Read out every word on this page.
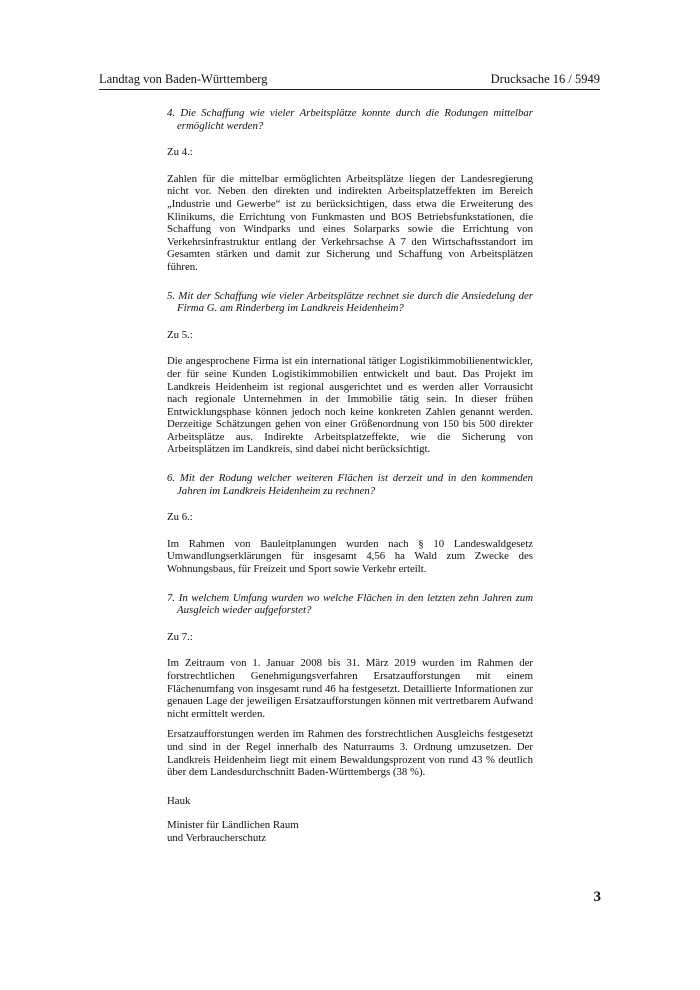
Landtag von Baden-Württemberg	Drucksache 16 / 5949

4. Die Schaffung wie vieler Arbeitsplätze konnte durch die Rodungen mittelbar ermöglicht werden?

Zu 4.:

Zahlen für die mittelbar ermöglichten Arbeitsplätze liegen der Landesregierung nicht vor. Neben den direkten und indirekten Arbeitsplatzeffekten im Bereich „Industrie und Gewerbe“ ist zu berücksichtigen, dass etwa die Erweiterung des Klinikums, die Errichtung von Funkmasten und BOS Betriebsfunkstationen, die Schaffung von Windparks und eines Solarparks sowie die Errichtung von Verkehrsinfrastruktur entlang der Verkehrsachse A 7 den Wirtschaftsstandort im Gesamten stärken und damit zur Sicherung und Schaffung von Arbeitsplätzen führen.

5. Mit der Schaffung wie vieler Arbeitsplätze rechnet sie durch die Ansiedelung der Firma G. am Rinderberg im Landkreis Heidenheim?

Zu 5.:

Die angesprochene Firma ist ein international tätiger Logistikimmobilienentwickler, der für seine Kunden Logistikimmobilien entwickelt und baut. Das Projekt im Landkreis Heidenheim ist regional ausgerichtet und es werden aller Vorrausicht nach regionale Unternehmen in der Immobilie tätig sein. In dieser frühen Entwicklungsphase können jedoch noch keine konkreten Zahlen genannt werden. Derzeitige Schätzungen gehen von einer Größenordnung von 150 bis 500 direkter Arbeitsplätze aus. Indirekte Arbeitsplatzeffekte, wie die Sicherung von Arbeitsplätzen im Landkreis, sind dabei nicht berücksichtigt.

6. Mit der Rodung welcher weiteren Flächen ist derzeit und in den kommenden Jahren im Landkreis Heidenheim zu rechnen?

Zu 6.:

Im Rahmen von Bauleitplanungen wurden nach § 10 Landeswaldgesetz Umwandlungserklärungen für insgesamt 4,56 ha Wald zum Zwecke des Wohnungsbaus, für Freizeit und Sport sowie Verkehr erteilt.

7. In welchem Umfang wurden wo welche Flächen in den letzten zehn Jahren zum Ausgleich wieder aufgeforstet?

Zu 7.:

Im Zeitraum von 1. Januar 2008 bis 31. März 2019 wurden im Rahmen der forstrechtlichen Genehmigungsverfahren Ersatzaufforstungen mit einem Flächenumfang von insgesamt rund 46 ha festgesetzt. Detaillierte Informationen zur genauen Lage der jeweiligen Ersatzaufforstungen können mit vertretbarem Aufwand nicht ermittelt werden.

Ersatzaufforstungen werden im Rahmen des forstrechtlichen Ausgleichs festgesetzt und sind in der Regel innerhalb des Naturraums 3. Ordnung umzusetzen. Der Landkreis Heidenheim liegt mit einem Bewaldungsprozent von rund 43 % deutlich über dem Landesdurchschnitt Baden-Württembergs (38 %).

Hauk

Minister für Ländlichen Raum

und Verbraucherschutz

3
